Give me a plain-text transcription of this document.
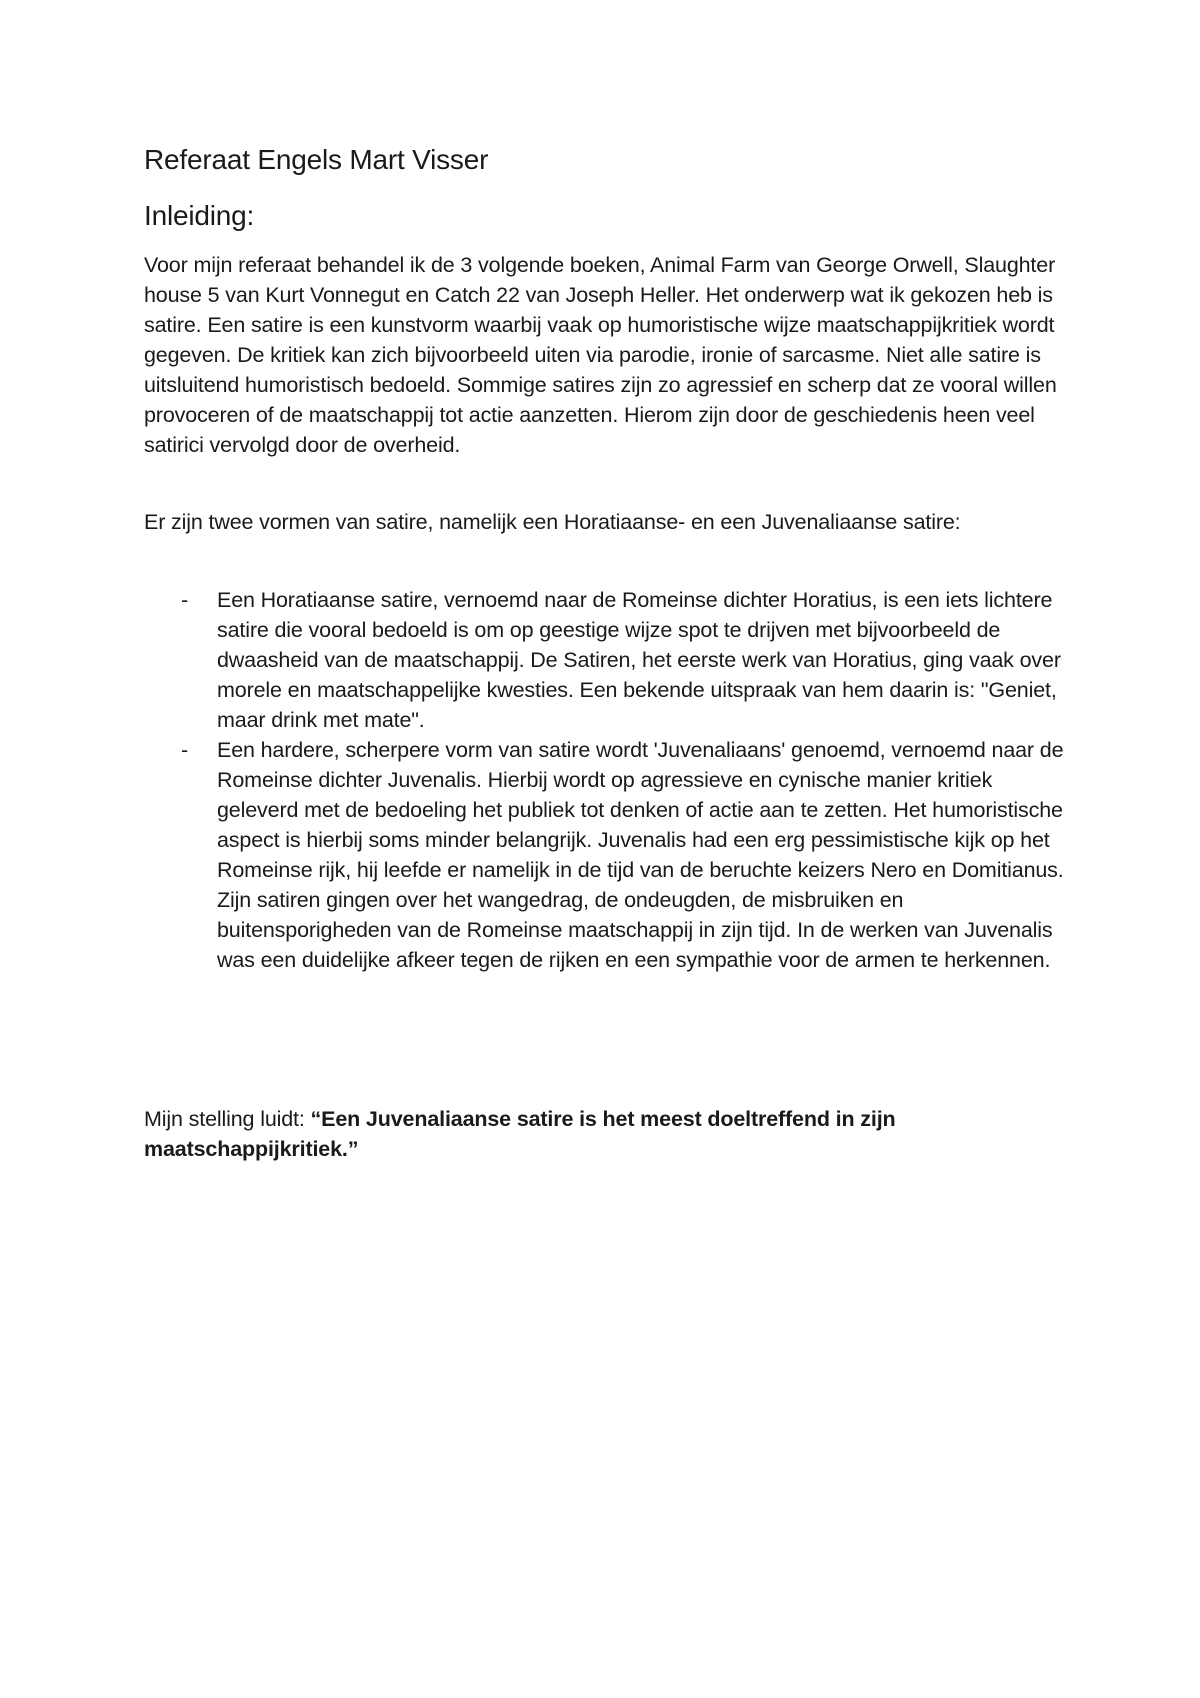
Referaat Engels Mart Visser
Inleiding:

Voor mijn referaat behandel ik de 3 volgende boeken, Animal Farm van George Orwell, Slaughter house 5 van Kurt Vonnegut en Catch 22 van Joseph Heller. Het onderwerp wat ik gekozen heb is satire. Een satire is een kunstvorm waarbij vaak op humoristische wijze maatschappijkritiek wordt gegeven. De kritiek kan zich bijvoorbeeld uiten via parodie, ironie of sarcasme. Niet alle satire is uitsluitend humoristisch bedoeld. Sommige satires zijn zo agressief en scherp dat ze vooral willen provoceren of de maatschappij tot actie aanzetten. Hierom zijn door de geschiedenis heen veel satirici vervolgd door de overheid.

Er zijn twee vormen van satire, namelijk een Horatiaanse- en een Juvenaliaanse satire:

- Een Horatiaanse satire, vernoemd naar de Romeinse dichter Horatius, is een iets lichtere satire die vooral bedoeld is om op geestige wijze spot te drijven met bijvoorbeeld de dwaasheid van de maatschappij. De Satiren, het eerste werk van Horatius, ging vaak over morele en maatschappelijke kwesties. Een bekende uitspraak van hem daarin is: "Geniet, maar drink met mate".
- Een hardere, scherpere vorm van satire wordt 'Juvenaliaans' genoemd, vernoemd naar de Romeinse dichter Juvenalis. Hierbij wordt op agressieve en cynische manier kritiek geleverd met de bedoeling het publiek tot denken of actie aan te zetten. Het humoristische aspect is hierbij soms minder belangrijk. Juvenalis had een erg pessimistische kijk op het Romeinse rijk, hij leefde er namelijk in de tijd van de beruchte keizers Nero en Domitianus. Zijn satiren gingen over het wangedrag, de ondeugden, de misbruiken en buitensporigheden van de Romeinse maatschappij in zijn tijd. In de werken van Juvenalis was een duidelijke afkeer tegen de rijken en een sympathie voor de armen te herkennen.

Mijn stelling luidt: “Een Juvenaliaanse satire is het meest doeltreffend in zijn maatschappijkritiek.”
